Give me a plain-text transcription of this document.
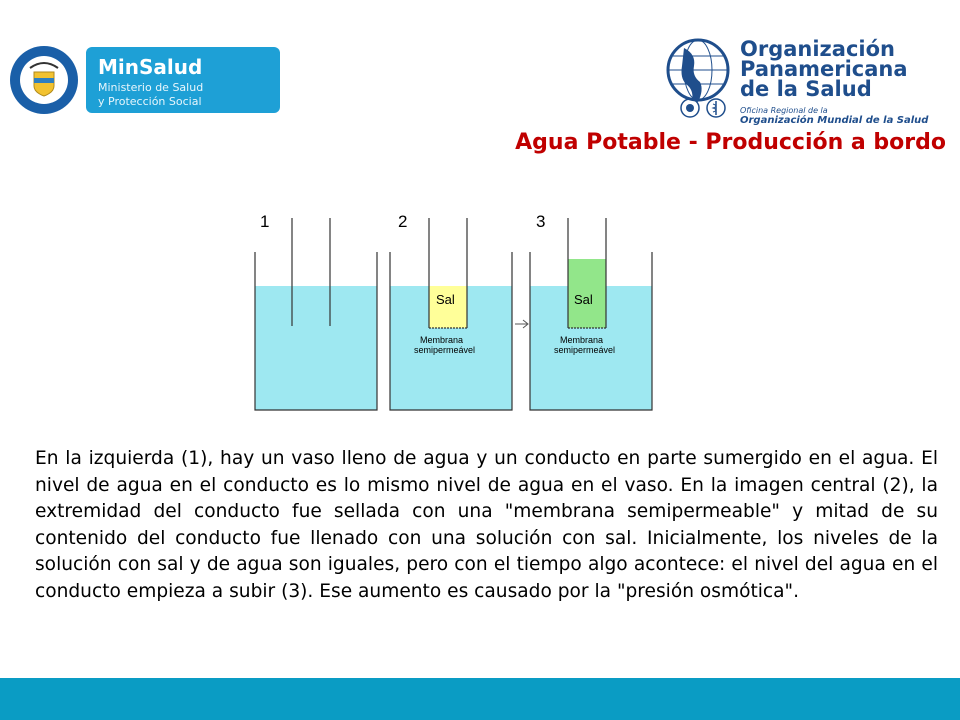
MinSalud
Ministerio de Salud
y Protección Social
Organización
Panamericana
de la Salud
Oficina Regional de la
Organización Mundial de la Salud
Agua Potable - Producción a bordo
1	2	3
Sal
Membrana
semipermeável
Sal
Membrana
semipermeável

En la izquierda (1), hay un vaso lleno de agua y un conducto en parte sumergido en el agua. El nivel de agua en el conducto es lo mismo nivel de agua en el vaso. En la imagen central (2), la extremidad del conducto fue sellada con una "membrana semipermeable" y mitad de su contenido del conducto fue llenado con una solución con sal. Inicialmente, los niveles de la solución con sal y de agua son iguales, pero con el tiempo algo acontece: el nivel del agua en el conducto empieza a subir (3). Ese aumento es causado por la "presión osmótica".
